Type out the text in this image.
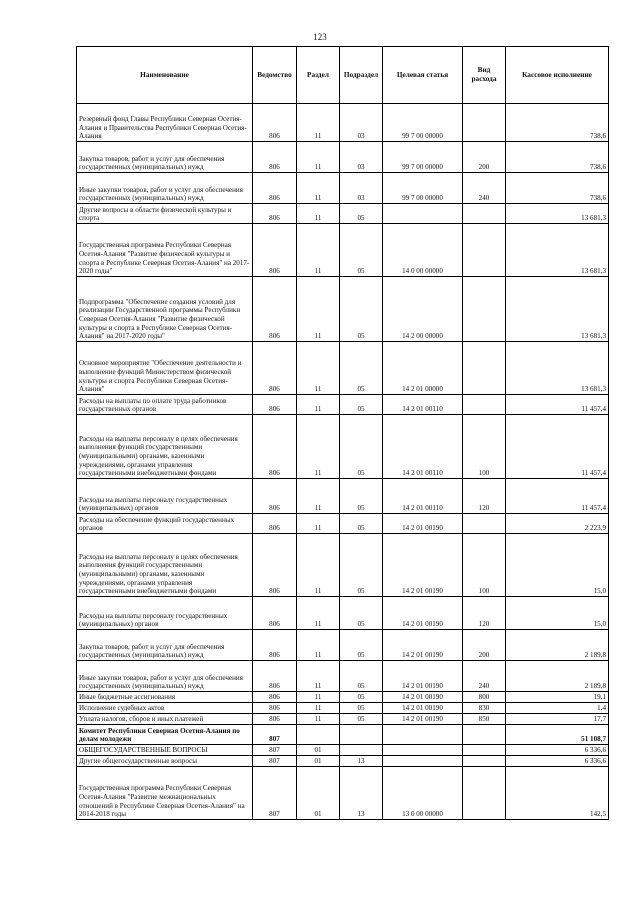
123
Наименование	Ведомство	Раздел	Подраздел	Целевая статья	Вид расхода	Кассовое исполнение
Резервный фонд Главы Республики Северная Осетия-Алания и Правительства Республики Северная Осетия-Алания	806	11	03	99 7 00 00000		738,6
Закупка товаров, работ и услуг для обеспечения государственных (муниципальных) нужд	806	11	03	99 7 00 00000	200	738,6
Иные закупки товаров, работ и услуг для обеспечения государственных (муниципальных) нужд	806	11	03	99 7 00 00000	240	738,6
Другие вопросы в области физической культуры и спорта	806	11	05			13 681,3
Государственная программа Республики Северная Осетия-Алания "Развитие физической культуры и спорта в Республике Северная Осетия-Алания" на 2017-2020 годы"	806	11	05	14 0 00 00000		13 681,3
Подпрограмма "Обеспечение создания условий для реализации Государственной программы Республики Северная Осетия-Алания "Развитие физической культуры и спорта в Республике Северная Осетия-Алания" на 2017-2020 годы"	806	11	05	14 2 00 00000		13 681,3
Основное мероприятие "Обеспечение деятельности и выполнение функций Министерством физической культуры и спорта Республики Северная Осетия-Алания"	806	11	05	14 2 01 00000		13 681,3
Расходы на выплаты по оплате труда работников государственных органов	806	11	05	14 2 01 00110		11 457,4
Расходы на выплаты персоналу в целях обеспечения выполнения функций государственными (муниципальными) органами, казенными учреждениями, органами управления государственными внебюджетными фондами	806	11	05	14 2 01 00110	100	11 457,4
Расходы на выплаты персоналу государственных (муниципальных) органов	806	11	05	14 2 01 00110	120	11 457,4
Расходы на обеспечение функций государственных органов	806	11	05	14 2 01 00190		2 223,9
Расходы на выплаты персоналу в целях обеспечения выполнения функций государственными (муниципальными) органами, казенными учреждениями, органами управления государственными внебюджетными фондами	806	11	05	14 2 01 00190	100	15,0
Расходы на выплаты персоналу государственных (муниципальных) органов	806	11	05	14 2 01 00190	120	15,0
Закупка товаров, работ и услуг для обеспечения государственных (муниципальных) нужд	806	11	05	14 2 01 00190	200	2 189,8
Иные закупки товаров, работ и услуг для обеспечения государственных (муниципальных) нужд	806	11	05	14 2 01 00190	240	2 189,8
Иные бюджетные ассигнования	806	11	05	14 2 01 00190	800	19,1
Исполнение судебных актов	806	11	05	14 2 01 00190	830	1,4
Уплата налогов, сборов и иных платежей	806	11	05	14 2 01 00190	850	17,7
Комитет Республики Северная Осетия-Алания по делам молодежи	807					51 108,7
ОБЩЕГОСУДАРСТВЕННЫЕ ВОПРОСЫ	807	01				6 336,6
Другие общегосударственные вопросы	807	01	13			6 336,6
Государственная программа Республики Северная Осетия-Алания "Развитие межнациональных отношений в Республике Северная Осетия-Алания" на 2014-2018 годы	807	01	13	13 0 00 00000		142,5
